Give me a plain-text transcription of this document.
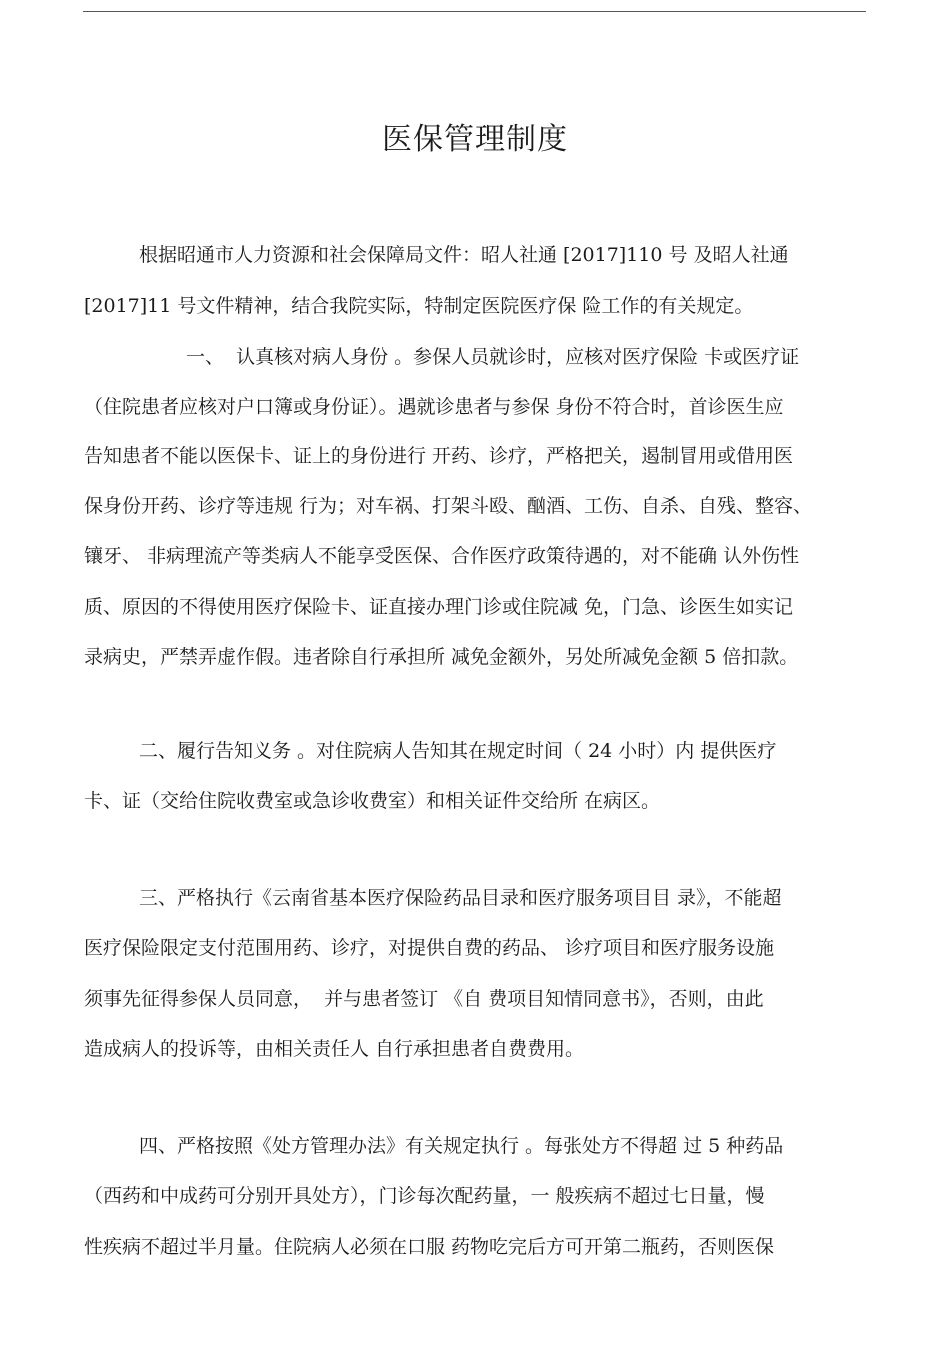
医保管理制度
根据昭通市人力资源和社会保障局文件：昭人社通 [2017]110 号 及昭人社通
[2017]11 号文件精神，结合我院实际，特制定医院医疗保 险工作的有关规定。
一、  认真核对病人身份 。参保人员就诊时，应核对医疗保险 卡或医疗证
（住院患者应核对户口簿或身份证）。遇就诊患者与参保 身份不符合时，首诊医生应
告知患者不能以医保卡、证上的身份进行 开药、诊疗，严格把关，遏制冒用或借用医
保身份开药、诊疗等违规 行为；对车祸、打架斗殴、酗酒、工伤、自杀、自残、整容、
镶牙、 非病理流产等类病人不能享受医保、合作医疗政策待遇的，对不能确 认外伤性
质、原因的不得使用医疗保险卡、证直接办理门诊或住院减 免，门急、诊医生如实记
录病史，严禁弄虚作假。违者除自行承担所 减免金额外，另处所减免金额 5 倍扣款。
二、履行告知义务 。对住院病人告知其在规定时间（ 24 小时）内 提供医疗
卡、证（交给住院收费室或急诊收费室）和相关证件交给所 在病区。
三、严格执行《云南省基本医疗保险药品目录和医疗服务项目目 录》，不能超
医疗保险限定支付范围用药、诊疗，对提供自费的药品、 诊疗项目和医疗服务设施
须事先征得参保人员同意，  并与患者签订 《自 费项目知情同意书》，否则，由此
造成病人的投诉等，由相关责任人 自行承担患者自费费用。
四、严格按照《处方管理办法》有关规定执行 。每张处方不得超 过 5 种药品
（西药和中成药可分别开具处方），门诊每次配药量，一 般疾病不超过七日量，慢
性疾病不超过半月量。住院病人必须在口服 药物吃完后方可开第二瓶药，否则医保
